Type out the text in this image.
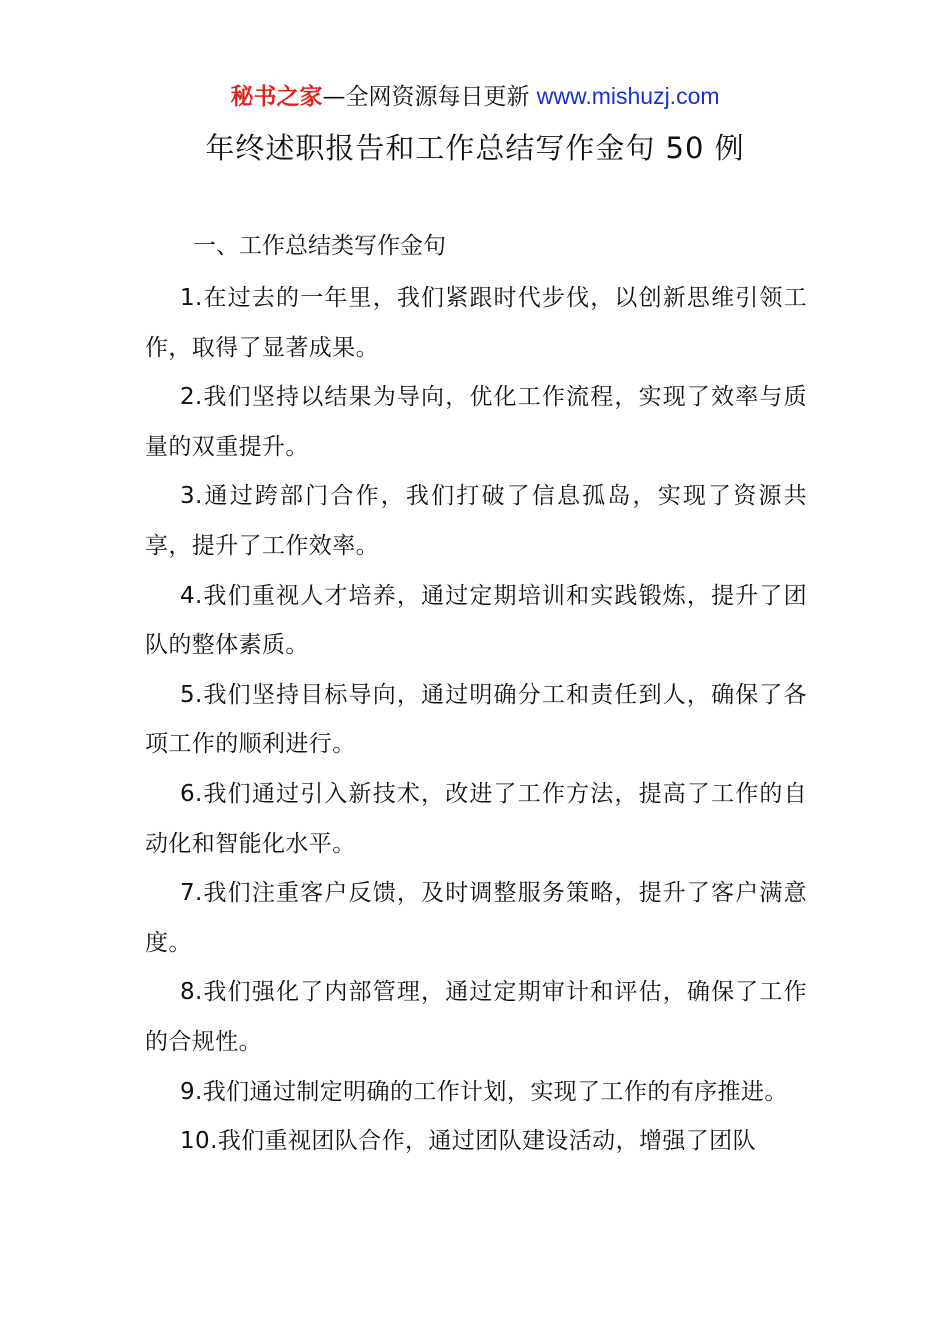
秘书之家—全网资源每日更新 www.mishuzj.com
年终述职报告和工作总结写作金句 50 例
一、工作总结类写作金句

1.在过去的一年里，我们紧跟时代步伐，以创新思维引领工作，取得了显著成果。

2.我们坚持以结果为导向，优化工作流程，实现了效率与质量的双重提升。

3.通过跨部门合作，我们打破了信息孤岛，实现了资源共享，提升了工作效率。

4.我们重视人才培养，通过定期培训和实践锻炼，提升了团队的整体素质。

5.我们坚持目标导向，通过明确分工和责任到人，确保了各项工作的顺利进行。

6.我们通过引入新技术，改进了工作方法，提高了工作的自动化和智能化水平。

7.我们注重客户反馈，及时调整服务策略，提升了客户满意度。

8.我们强化了内部管理，通过定期审计和评估，确保了工作的合规性。

9.我们通过制定明确的工作计划，实现了工作的有序推进。

10.我们重视团队合作，通过团队建设活动，增强了团队
